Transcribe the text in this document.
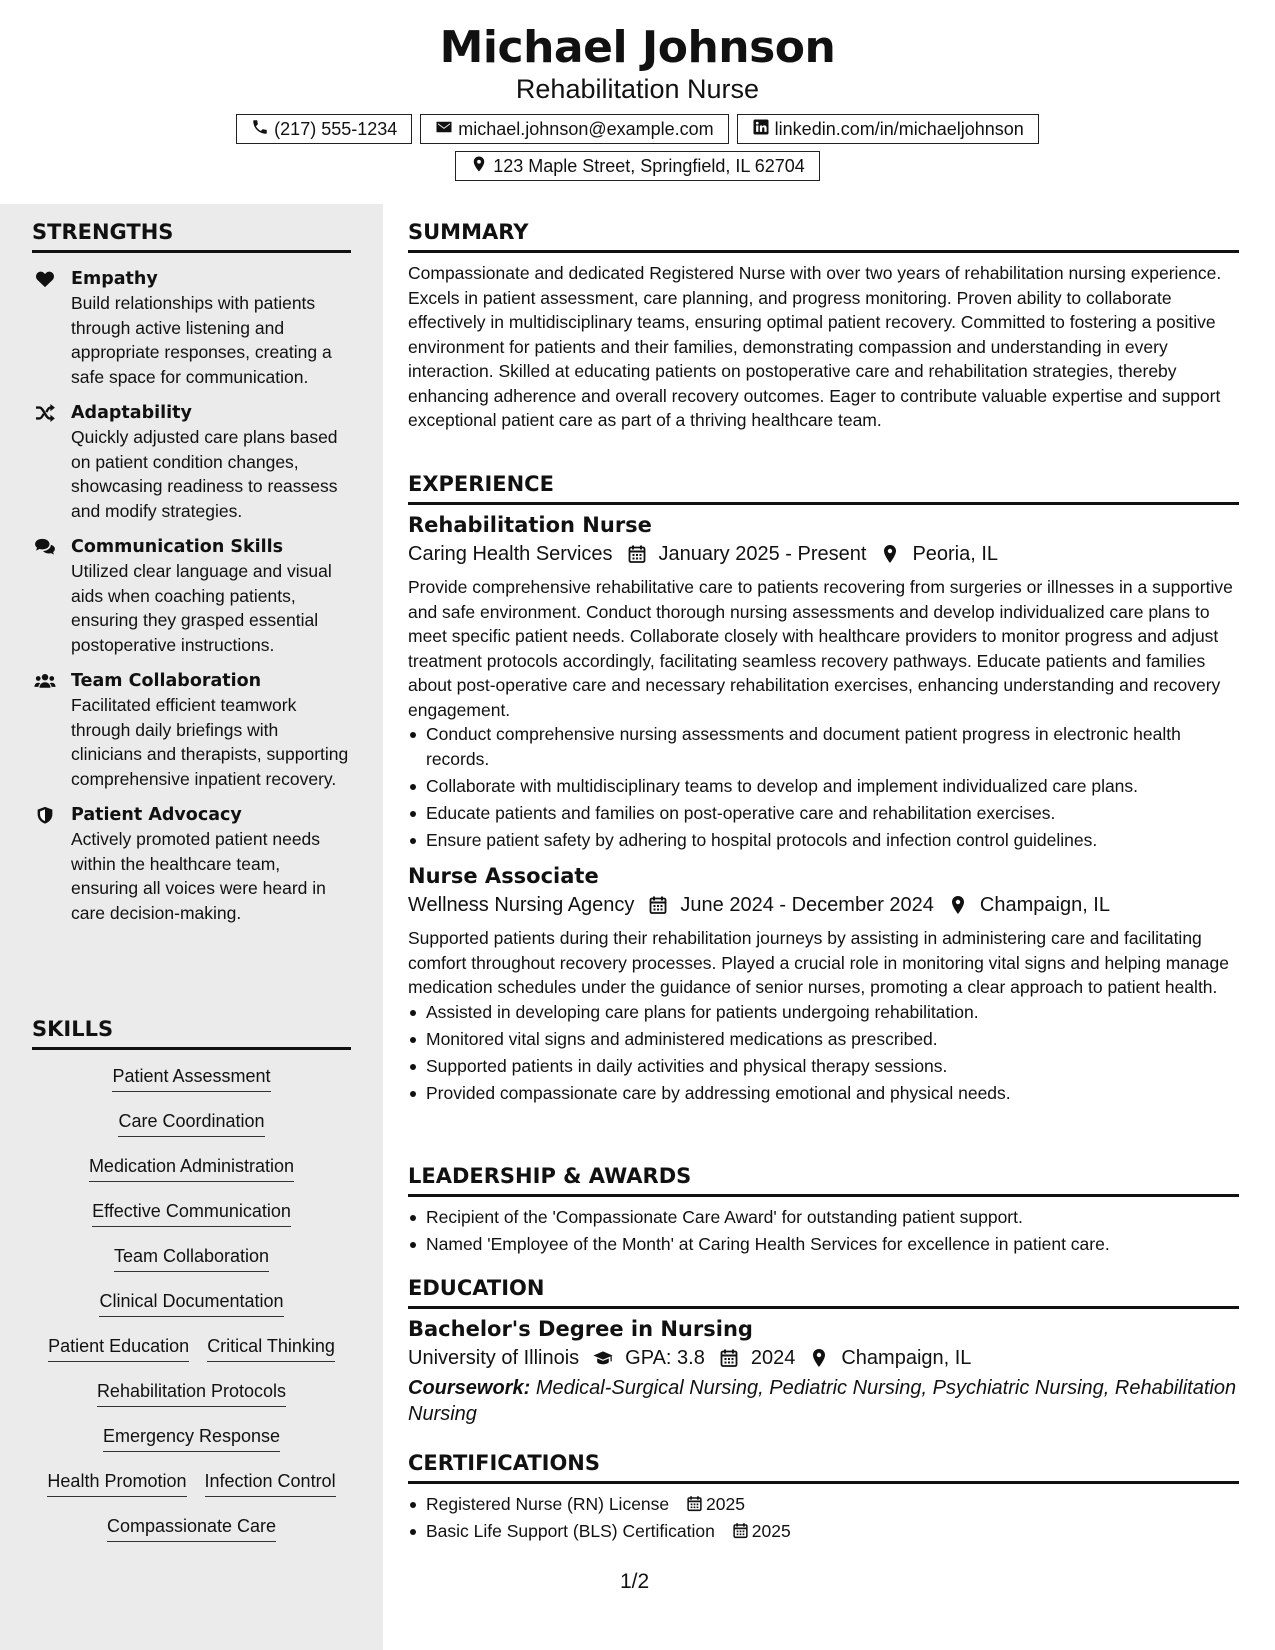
Michael Johnson
Rehabilitation Nurse
(217) 555-1234	michael.johnson@example.com	linkedin.com/in/michaeljohnson
123 Maple Street, Springfield, IL 62704
STRENGTHS
Empathy
Build relationships with patients through active listening and appropriate responses, creating a safe space for communication.
Adaptability
Quickly adjusted care plans based on patient condition changes, showcasing readiness to reassess and modify strategies.
Communication Skills
Utilized clear language and visual aids when coaching patients, ensuring they grasped essential postoperative instructions.
Team Collaboration
Facilitated efficient teamwork through daily briefings with clinicians and therapists, supporting comprehensive inpatient recovery.
Patient Advocacy
Actively promoted patient needs within the healthcare team, ensuring all voices were heard in care decision-making.
SKILLS
Patient Assessment
Care Coordination
Medication Administration
Effective Communication
Team Collaboration
Clinical Documentation
Patient Education Critical Thinking
Rehabilitation Protocols
Emergency Response
Health Promotion Infection Control
Compassionate Care
SUMMARY
Compassionate and dedicated Registered Nurse with over two years of rehabilitation nursing experience. Excels in patient assessment, care planning, and progress monitoring. Proven ability to collaborate effectively in multidisciplinary teams, ensuring optimal patient recovery. Committed to fostering a positive environment for patients and their families, demonstrating compassion and understanding in every interaction. Skilled at educating patients on postoperative care and rehabilitation strategies, thereby enhancing adherence and overall recovery outcomes. Eager to contribute valuable expertise and support exceptional patient care as part of a thriving healthcare team.
EXPERIENCE
Rehabilitation Nurse
Caring Health Services January 2025 - Present Peoria, IL
Provide comprehensive rehabilitative care to patients recovering from surgeries or illnesses in a supportive and safe environment. Conduct thorough nursing assessments and develop individualized care plans to meet specific patient needs. Collaborate closely with healthcare providers to monitor progress and adjust treatment protocols accordingly, facilitating seamless recovery pathways. Educate patients and families about post-operative care and necessary rehabilitation exercises, enhancing understanding and recovery engagement.
Conduct comprehensive nursing assessments and document patient progress in electronic health records.
Collaborate with multidisciplinary teams to develop and implement individualized care plans.
Educate patients and families on post-operative care and rehabilitation exercises.
Ensure patient safety by adhering to hospital protocols and infection control guidelines.
Nurse Associate
Wellness Nursing Agency June 2024 - December 2024 Champaign, IL
Supported patients during their rehabilitation journeys by assisting in administering care and facilitating comfort throughout recovery processes. Played a crucial role in monitoring vital signs and helping manage medication schedules under the guidance of senior nurses, promoting a clear approach to patient health.
Assisted in developing care plans for patients undergoing rehabilitation.
Monitored vital signs and administered medications as prescribed.
Supported patients in daily activities and physical therapy sessions.
Provided compassionate care by addressing emotional and physical needs.
LEADERSHIP & AWARDS
Recipient of the 'Compassionate Care Award' for outstanding patient support.
Named 'Employee of the Month' at Caring Health Services for excellence in patient care.
EDUCATION
Bachelor's Degree in Nursing
University of Illinois GPA: 3.8 2024 Champaign, IL
Coursework: Medical-Surgical Nursing, Pediatric Nursing, Psychiatric Nursing, Rehabilitation Nursing
CERTIFICATIONS
Registered Nurse (RN) License 2025
Basic Life Support (BLS) Certification 2025
1/2
